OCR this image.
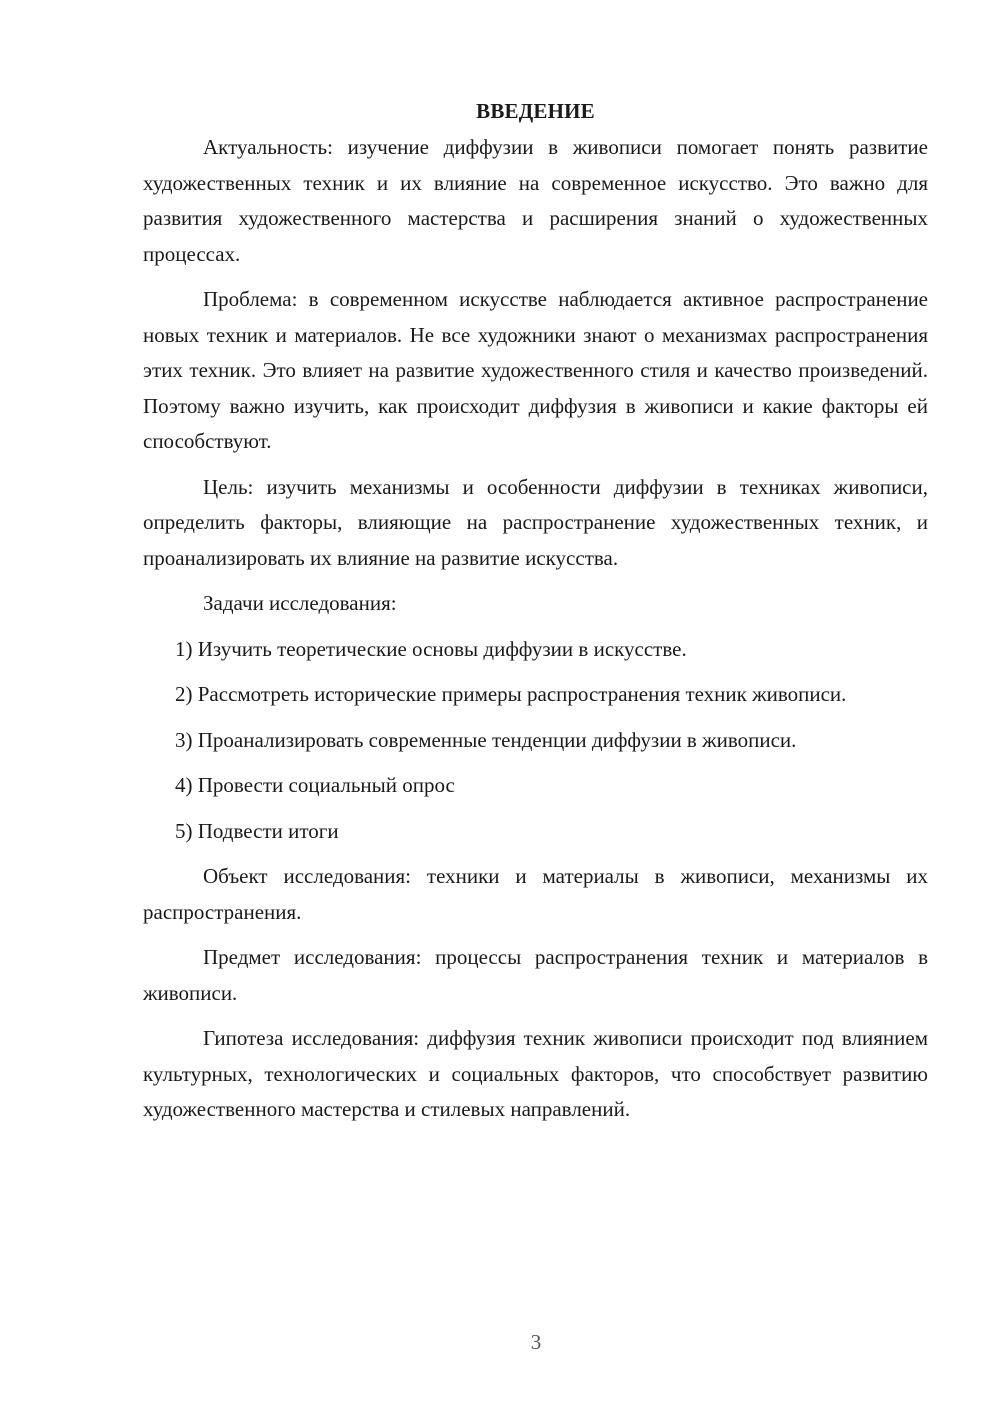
ВВЕДЕНИЕ

Актуальность: изучение диффузии в живописи помогает понять развитие художественных техник и их влияние на современное искусство. Это важно для развития художественного мастерства и расширения знаний о художественных процессах.

Проблема: в современном искусстве наблюдается активное распространение новых техник и материалов. Не все художники знают о механизмах распространения этих техник. Это влияет на развитие художественного стиля и качество произведений. Поэтому важно изучить, как происходит диффузия в живописи и какие факторы ей способствуют.

Цель: изучить механизмы и особенности диффузии в техниках живописи, определить факторы, влияющие на распространение художественных техник, и проанализировать их влияние на развитие искусства.

Задачи исследования:

1) Изучить теоретические основы диффузии в искусстве.

2) Рассмотреть исторические примеры распространения техник живописи.

3) Проанализировать современные тенденции диффузии в живописи.

4) Провести социальный опрос

5) Подвести итоги

Объект исследования: техники и материалы в живописи, механизмы их распространения.

Предмет исследования: процессы распространения техник и материалов в живописи.

Гипотеза исследования: диффузия техник живописи происходит под влиянием культурных, технологических и социальных факторов, что способствует развитию художественного мастерства и стилевых направлений.

3
